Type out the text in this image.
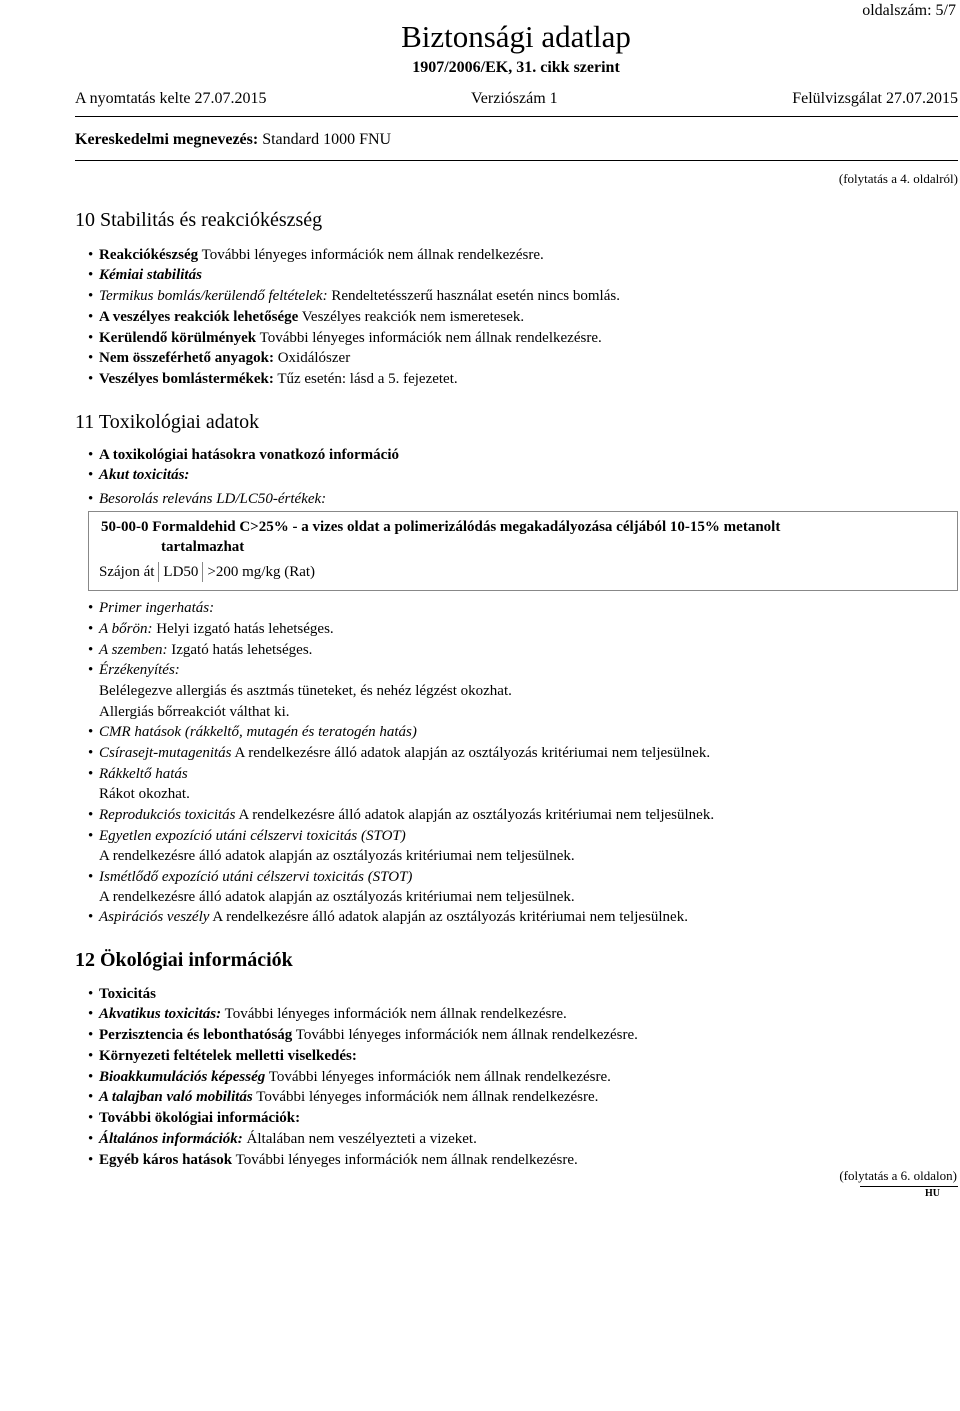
oldalszám: 5/7
Biztonsági adatlap
1907/2006/EK, 31. cikk szerint
A nyomtatás kelte 27.07.2015	Verziószám 1	Felülvizsgálat 27.07.2015
Kereskedelmi megnevezés: Standard 1000 FNU
(folytatás a 4. oldalról)
10 Stabilitás és reakciókészség
• Reakciókészség További lényeges információk nem állnak rendelkezésre.
• Kémiai stabilitás
• Termikus bomlás/kerülendő feltételek: Rendeltetésszerű használat esetén nincs bomlás.
• A veszélyes reakciók lehetősége Veszélyes reakciók nem ismeretesek.
• Kerülendő körülmények További lényeges információk nem állnak rendelkezésre.
• Nem összeférhető anyagok: Oxidálószer
• Veszélyes bomlástermékek: Tűz esetén: lásd a 5. fejezetet.
11 Toxikológiai adatok
• A toxikológiai hatásokra vonatkozó információ
• Akut toxicitás:
• Besorolás releváns LD/LC50-értékek:
50-00-0 Formaldehid C>25% - a vizes oldat a polimerizálódás megakadályozása céljából 10-15% metanolt
tartalmazhat
Szájon át LD50 >200 mg/kg (Rat)
• Primer ingerhatás:
• A bőrön: Helyi izgató hatás lehetséges.
• A szemben: Izgató hatás lehetséges.
• Érzékenyítés:
Belélegezve allergiás és asztmás tüneteket, és nehéz légzést okozhat.
Allergiás bőrreakciót válthat ki.
• CMR hatások (rákkeltő, mutagén és teratogén hatás)
• Csírasejt-mutagenitás A rendelkezésre álló adatok alapján az osztályozás kritériumai nem teljesülnek.
• Rákkeltő hatás
Rákot okozhat.
• Reprodukciós toxicitás A rendelkezésre álló adatok alapján az osztályozás kritériumai nem teljesülnek.
• Egyetlen expozíció utáni célszervi toxicitás (STOT)
A rendelkezésre álló adatok alapján az osztályozás kritériumai nem teljesülnek.
• Ismétlődő expozíció utáni célszervi toxicitás (STOT)
A rendelkezésre álló adatok alapján az osztályozás kritériumai nem teljesülnek.
• Aspirációs veszély A rendelkezésre álló adatok alapján az osztályozás kritériumai nem teljesülnek.
12 Ökológiai információk
• Toxicitás
• Akvatikus toxicitás: További lényeges információk nem állnak rendelkezésre.
• Perzisztencia és lebonthatóság További lényeges információk nem állnak rendelkezésre.
• Környezeti feltételek melletti viselkedés:
• Bioakkumulációs képesség További lényeges információk nem állnak rendelkezésre.
• A talajban való mobilitás További lényeges információk nem állnak rendelkezésre.
• További ökológiai információk:
• Általános információk: Általában nem veszélyezteti a vizeket.
• Egyéb káros hatások További lényeges információk nem állnak rendelkezésre.
(folytatás a 6. oldalon)
HU
